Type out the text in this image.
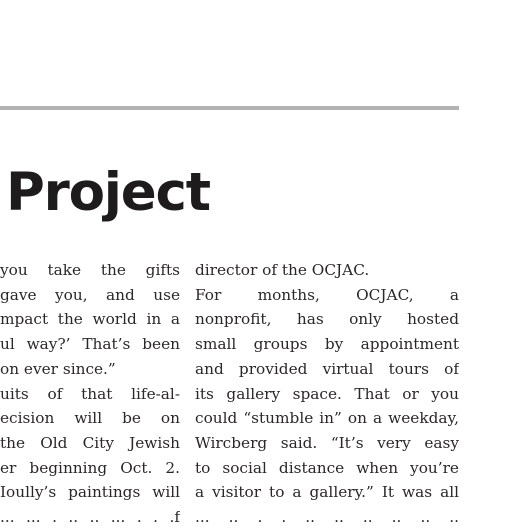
Project
you take the gifts
gave you, and use
mpact the world in a
ul way?’ That’s been
on ever since.”
uits of that life-al-
ecision will be on
the Old City Jewish
er beginning Oct. 2.
Ioully’s paintings will
... ... . .. .. ... . . .f
director of the OCJAC.
For months, OCJAC, a
nonprofit, has only hosted
small groups by appointment
and provided virtual tours of
its gallery space. That or you
could “stumble in” on a weekday,
Wircberg said. “It’s very easy
to social distance when you’re
a visitor to a gallery.” It was all
... .. . . .. .. .. .. .. ..
